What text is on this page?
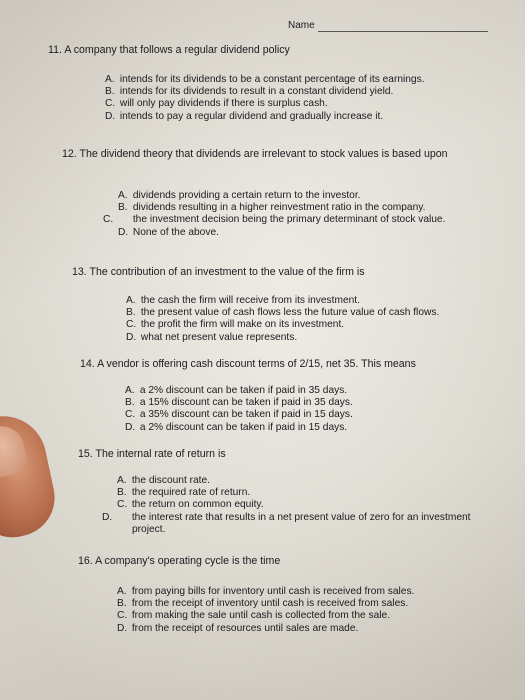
Name
11. A company that follows a regular dividend policy
A. intends for its dividends to be a constant percentage of its earnings.
B. intends for its dividends to result in a constant dividend yield.
C. will only pay dividends if there is surplus cash.
D. intends to pay a regular dividend and gradually increase it.
12. The dividend theory that dividends are irrelevant to stock values is based upon
A. dividends providing a certain return to the investor.
B. dividends resulting in a higher reinvestment ratio in the company.
C. the investment decision being the primary determinant of stock value.
D. None of the above.
13. The contribution of an investment to the value of the firm is
A. the cash the firm will receive from its investment.
B. the present value of cash flows less the future value of cash flows.
C. the profit the firm will make on its investment.
D. what net present value represents.
14. A vendor is offering cash discount terms of 2/15, net 35. This means
A. a 2% discount can be taken if paid in 35 days.
B. a 15% discount can be taken if paid in 35 days.
C. a 35% discount can be taken if paid in 15 days.
D. a 2% discount can be taken if paid in 15 days.
15. The internal rate of return is
A. the discount rate.
B. the required rate of return.
C. the return on common equity.
D. the interest rate that results in a net present value of zero for an investment project.
16. A company's operating cycle is the time
A. from paying bills for inventory until cash is received from sales.
B. from the receipt of inventory until cash is received from sales.
C. from making the sale until cash is collected from the sale.
D. from the receipt of resources until sales are made.
